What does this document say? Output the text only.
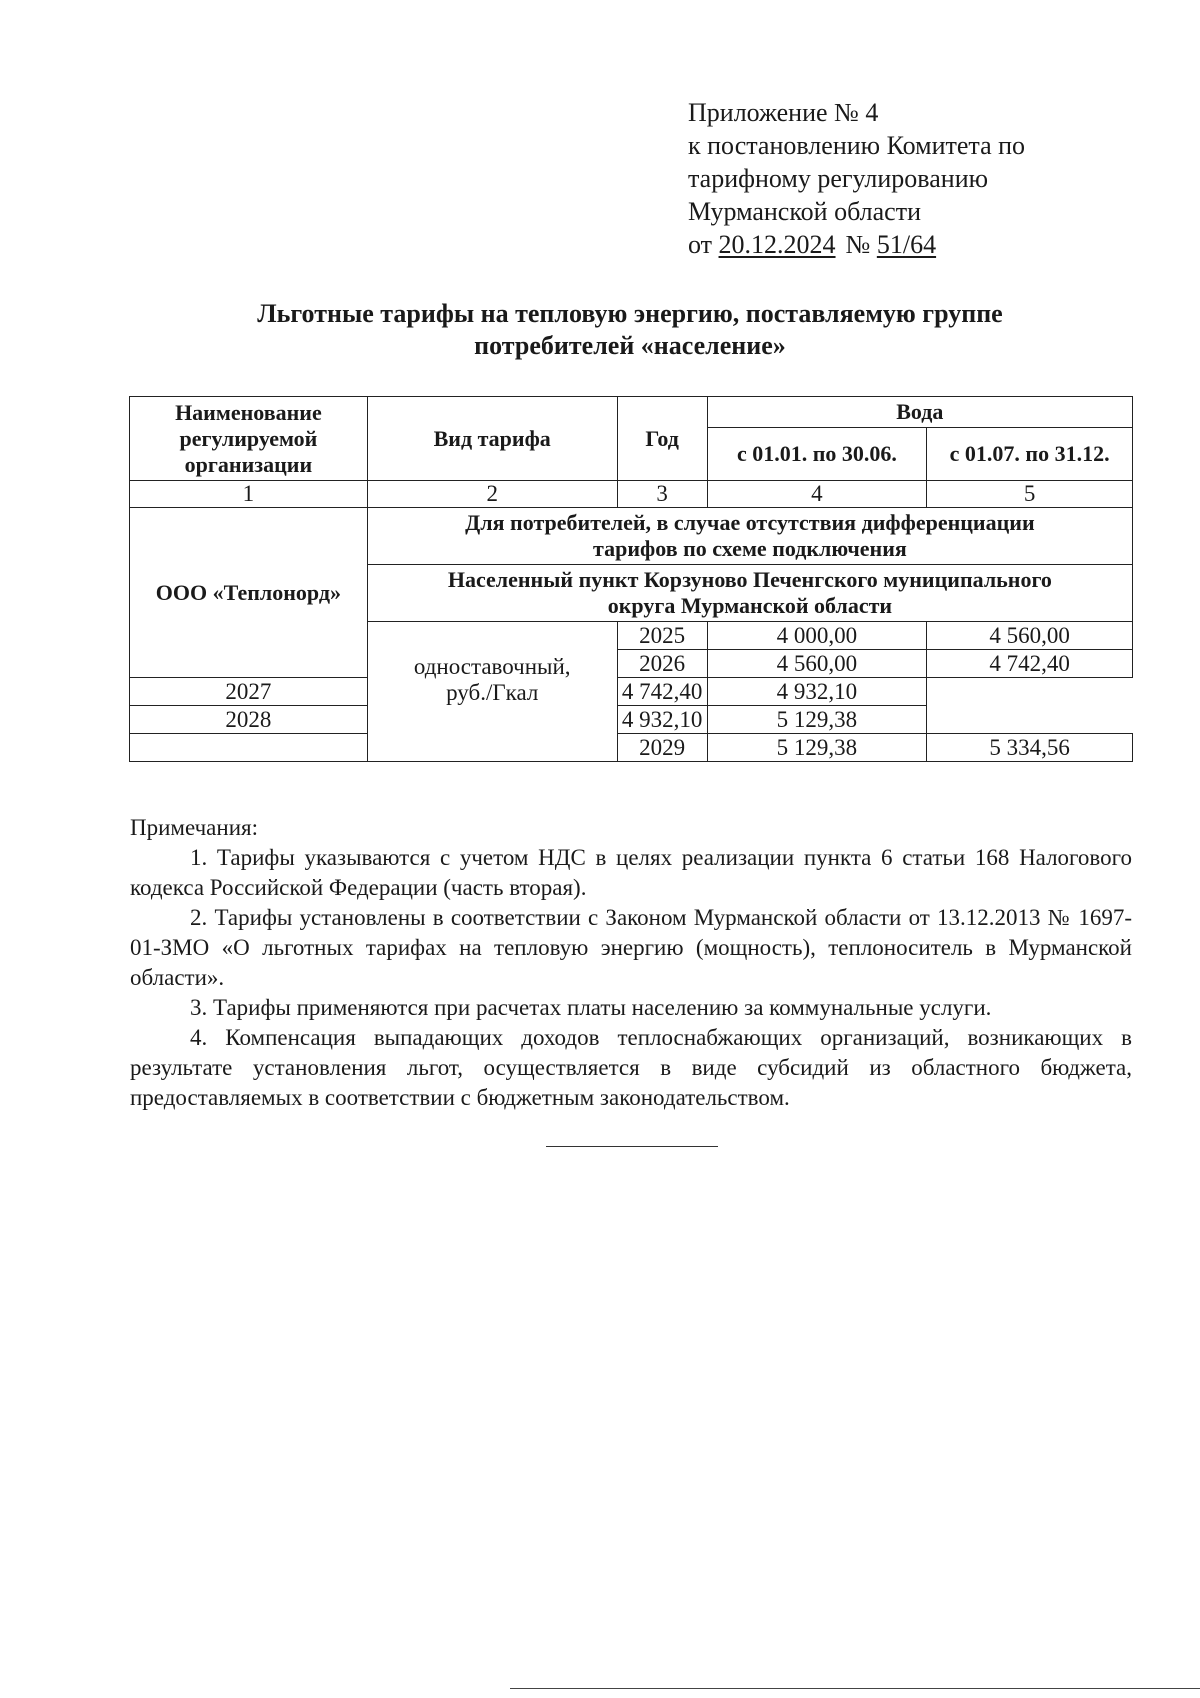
Приложение № 4
к постановлению Комитета по
тарифному регулированию
Мурманской области
от 20.12.2024 № 51/64
Льготные тарифы на тепловую энергию, поставляемую группе
потребителей «население»
Наименование
регулируемой
организации	Вид тарифа	Год	Вода	
			с 01.01. по 30.06.	с 01.07. по 31.12.
1	2	3	4	5
ООО «Теплонорд»	Для потребителей, в случае отсутствия дифференциации
тарифов по схеме подключения			

	Населенный пункт Корзуново Печенгского муниципального
округа Мурманской области			

	одноставочный,
руб./Гкал	2025	4 000,00	4 560,00
		2026	4 560,00	4 742,40
2027		4 742,40	4 932,10	
2028		4 932,10	5 129,38	
		2029	5 129,38	5 334,56
Примечания:

1. Тарифы указываются с учетом НДС в целях реализации пункта 6 статьи 168 Налогового кодекса Российской Федерации (часть вторая).

2. Тарифы установлены в соответствии с Законом Мурманской области от 13.12.2013 № 1697-01-ЗМО «О льготных тарифах на тепловую энергию (мощность), теплоноситель в Мурманской области».

3. Тарифы применяются при расчетах платы населению за коммунальные услуги.

4. Компенсация выпадающих доходов теплоснабжающих организаций, возникающих в результате установления льгот, осуществляется в виде субсидий из областного бюджета, предоставляемых в соответствии с бюджетным законодательством.
